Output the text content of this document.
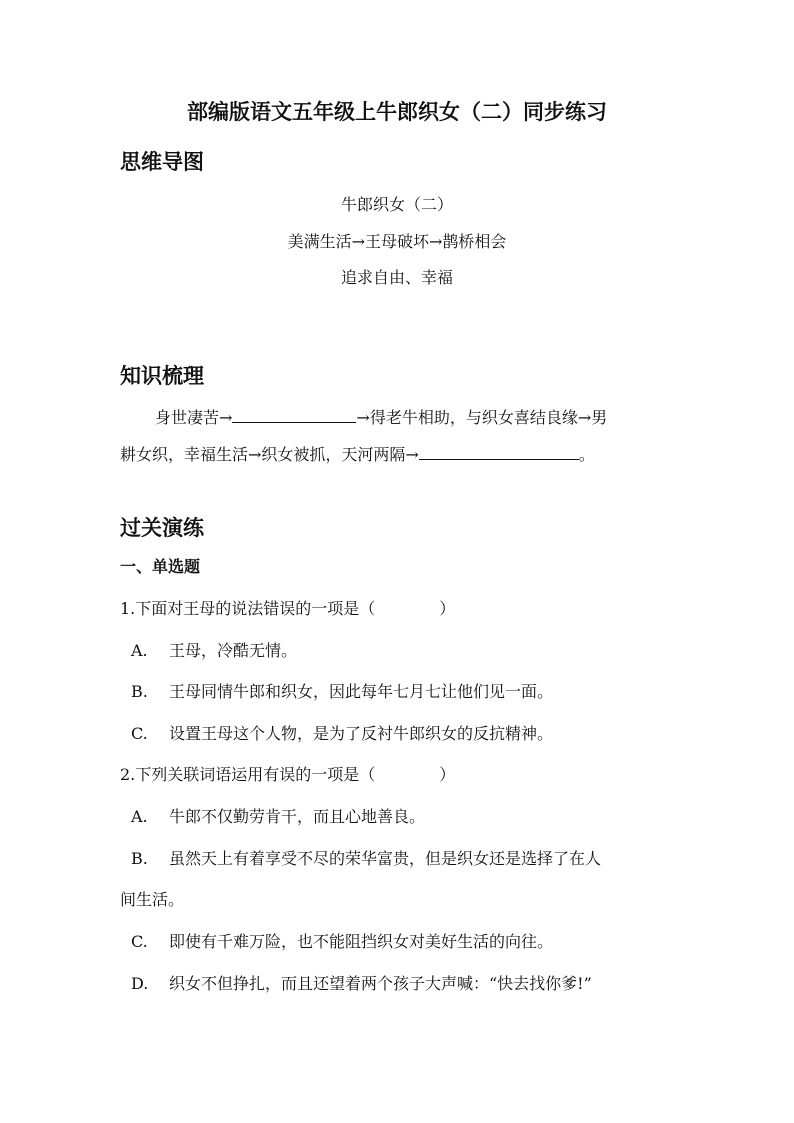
部编版语文五年级上牛郎织女（二）同步练习
思维导图
牛郎织女（二）
美满生活→王母破坏→鹊桥相会
追求自由、幸福
知识梳理
身世凄苦→	→得老牛相助，与织女喜结良缘→男
耕女织，幸福生活→织女被抓，天河两隔→	。
过关演练
一、单选题
1.下面对王母的说法错误的一项是（　　　　）
A. 王母，冷酷无情。
B. 王母同情牛郎和织女，因此每年七月七让他们见一面。
C. 设置王母这个人物，是为了反衬牛郎织女的反抗精神。
2.下列关联词语运用有误的一项是（　　　　）
A. 牛郎不仅勤劳肯干，而且心地善良。
B. 虽然天上有着享受不尽的荣华富贵，但是织女还是选择了在人
间生活。
C. 即使有千难万险，也不能阻挡织女对美好生活的向往。
D. 织女不但挣扎，而且还望着两个孩子大声喊：“快去找你爹!”
